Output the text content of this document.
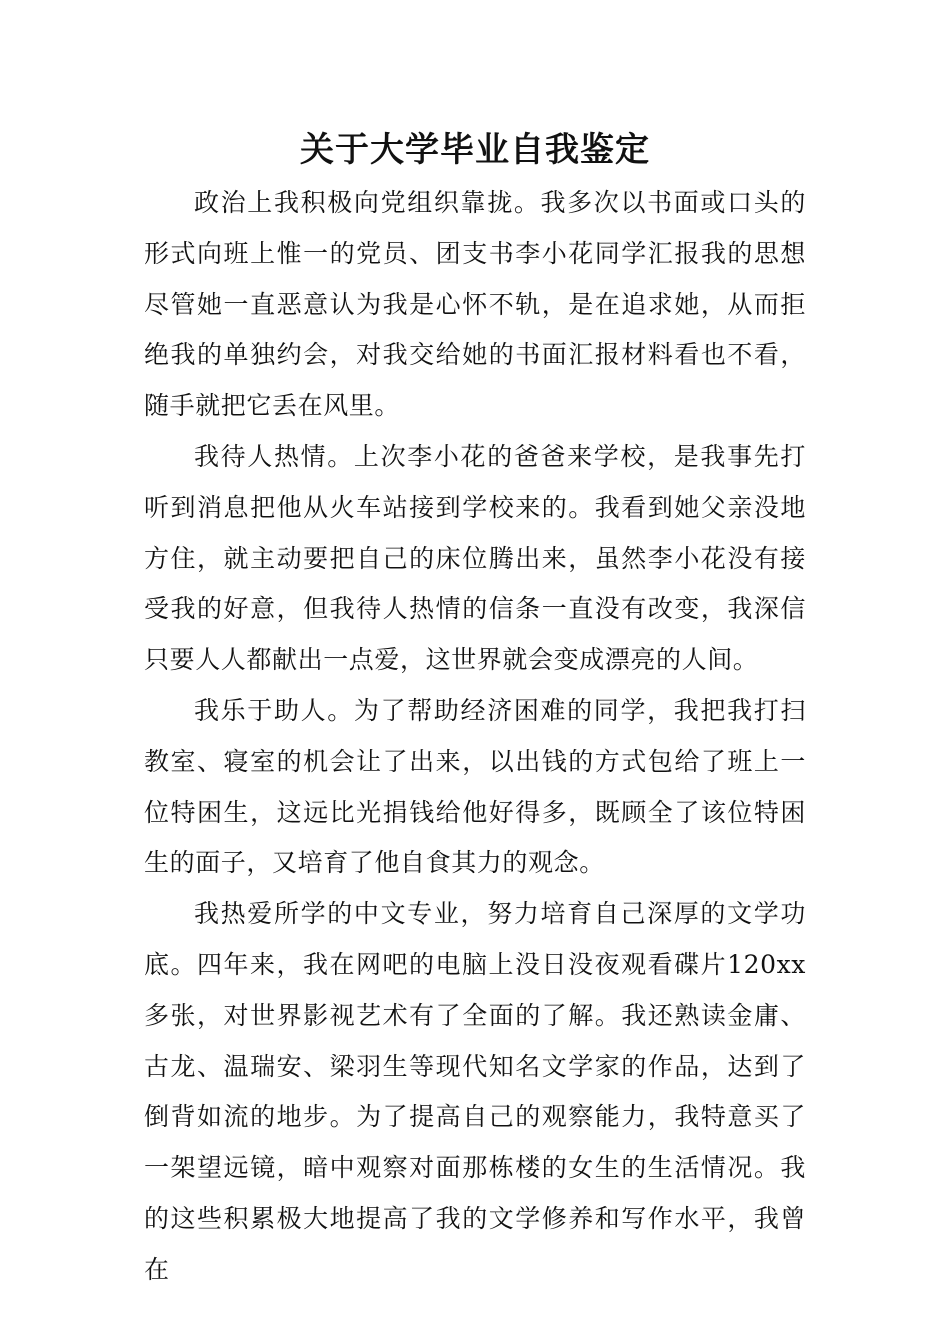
关于大学毕业自我鉴定

政治上我积极向党组织靠拢。我多次以书面或口头的形式向班上惟一的党员、团支书李小花同学汇报我的思想尽管她一直恶意认为我是心怀不轨，是在追求她，从而拒绝我的单独约会，对我交给她的书面汇报材料看也不看，随手就把它丢在风里。

我待人热情。上次李小花的爸爸来学校，是我事先打听到消息把他从火车站接到学校来的。我看到她父亲没地方住，就主动要把自己的床位腾出来，虽然李小花没有接受我的好意，但我待人热情的信条一直没有改变，我深信只要人人都献出一点爱，这世界就会变成漂亮的人间。

我乐于助人。为了帮助经济困难的同学，我把我打扫教室、寝室的机会让了出来，以出钱的方式包给了班上一位特困生，这远比光捐钱给他好得多，既顾全了该位特困生的面子，又培育了他自食其力的观念。

我热爱所学的中文专业，努力培育自己深厚的文学功底。四年来，我在网吧的电脑上没日没夜观看碟片120xx多张，对世界影视艺术有了全面的了解。我还熟读金庸、古龙、温瑞安、梁羽生等现代知名文学家的作品，达到了倒背如流的地步。为了提高自己的观察能力，我特意买了一架望远镜，暗中观察对面那栋楼的女生的生活情况。我的这些积累极大地提高了我的文学修养和写作水平，我曾在
